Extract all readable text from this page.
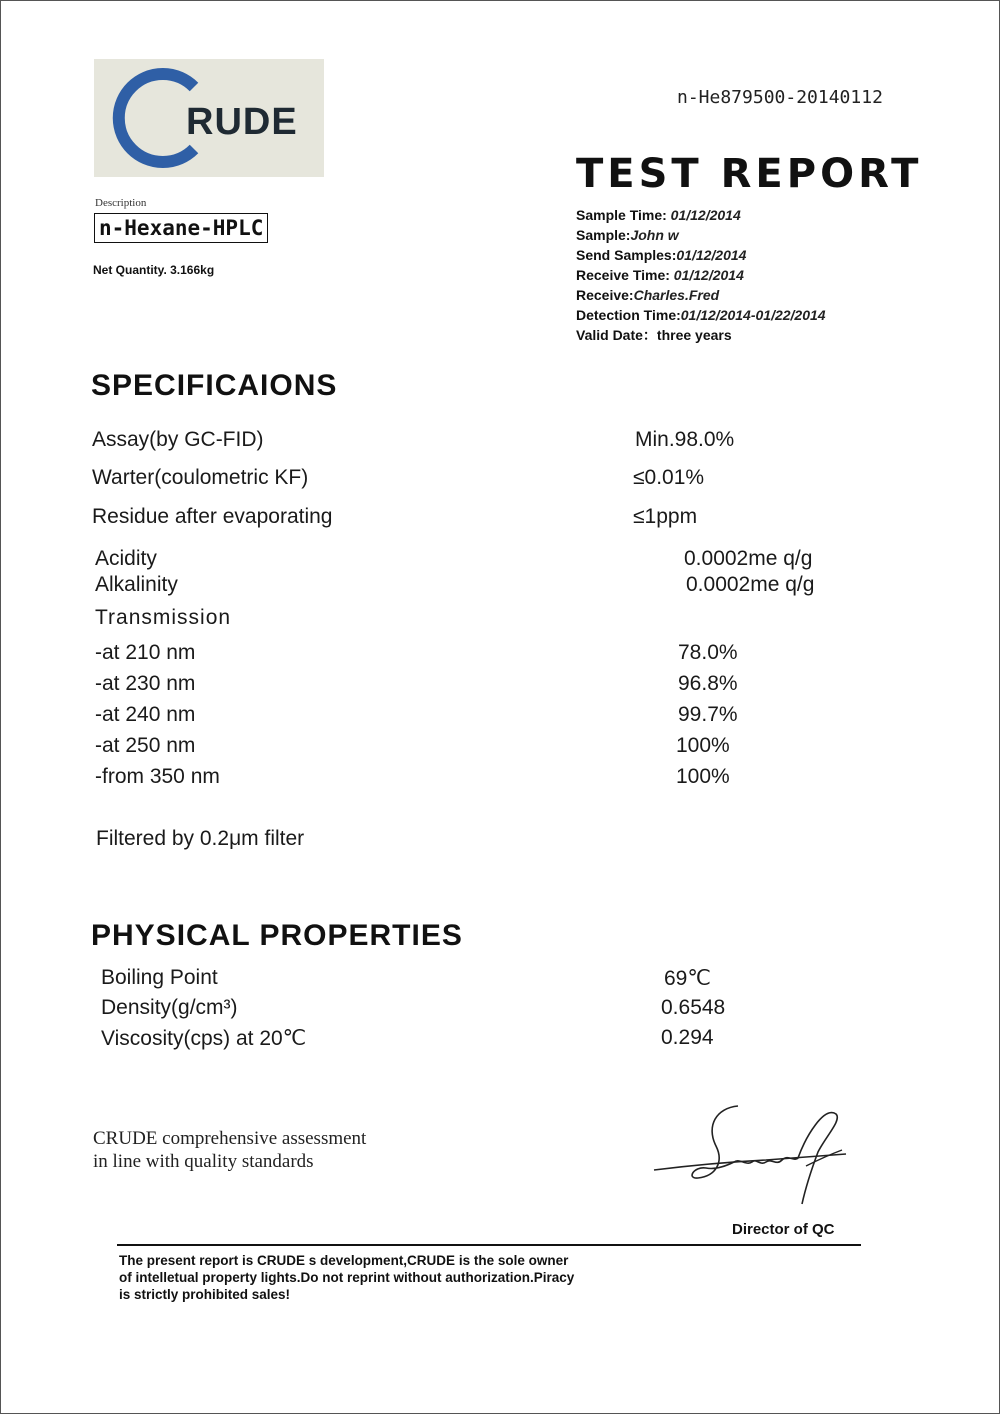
RUDE
Description
n-Hexane-HPLC
Net Quantity. 3.166kg
n-He879500-20140112
TEST REPORT
Sample Time: 01/12/2014
Sample:John w
Send Samples:01/12/2014
Receive Time: 01/12/2014
Receive:Charles.Fred
Detection Time:01/12/2014-01/22/2014
Valid Date：three years
SPECIFICAIONS
Assay(by GC-FID)	Min.98.0%
Warter(coulometric KF)	≤0.01%
Residue after evaporating	≤1ppm
Acidity	0.0002me q/g
Alkalinity	0.0002me q/g
Transmission
-at 210 nm	78.0%
-at 230 nm	96.8%
-at 240 nm	99.7%
-at 250 nm	100%
-from 350 nm	100%
Filtered by 0.2μm filter
PHYSICAL PROPERTIES
Boiling Point	69℃
Density(g/cm³)	0.6548
Viscosity(cps) at 20℃	0.294
CRUDE comprehensive assessment
in line with quality standards
Director of QC
The present report is CRUDE s development,CRUDE is the sole owner
of intelletual property lights.Do not reprint without authorization.Piracy
is strictly prohibited sales!
